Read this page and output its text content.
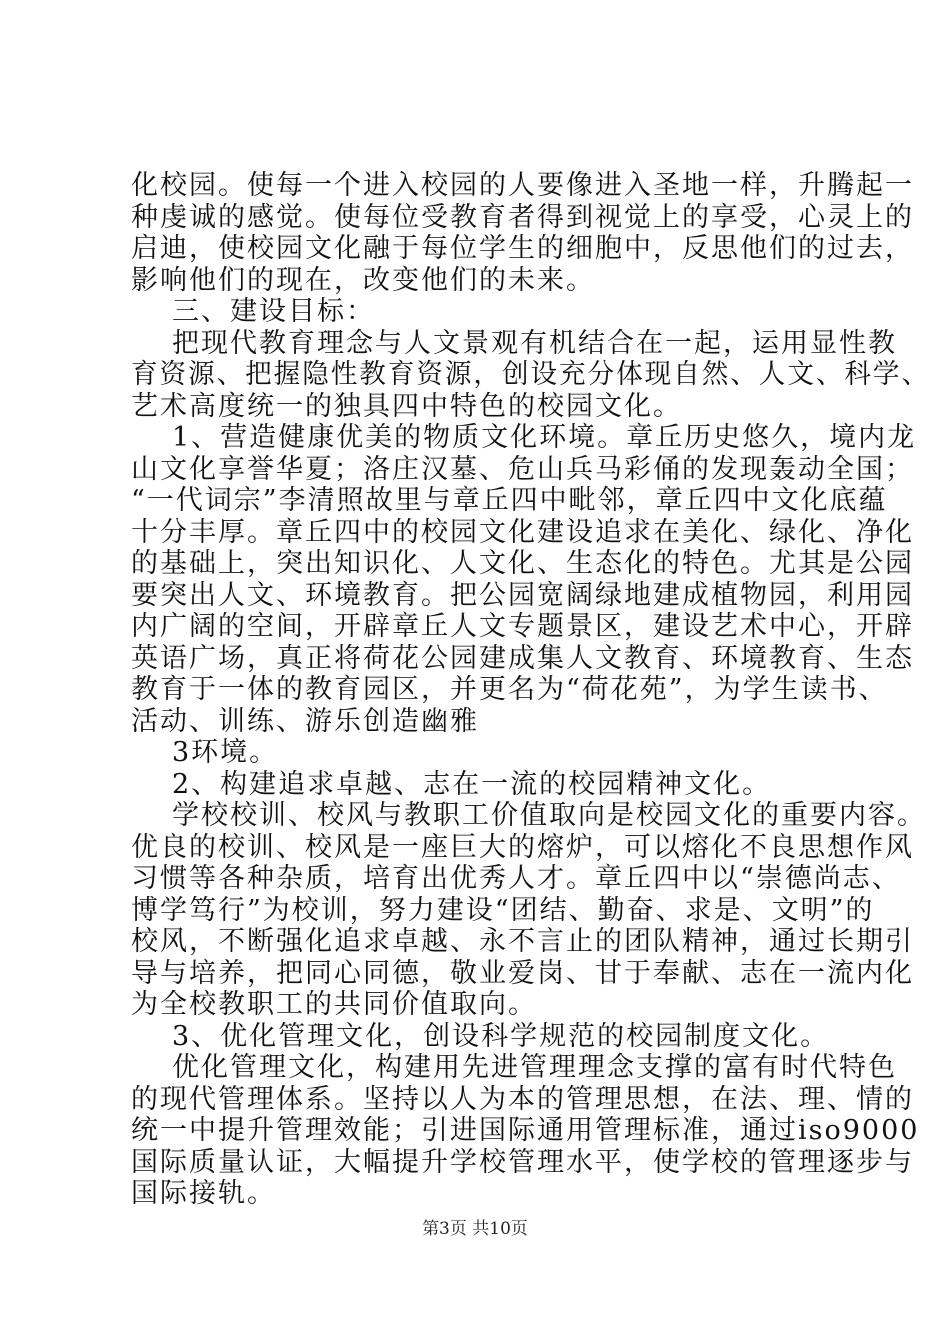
化校园。使每一个进入校园的人要像进入圣地一样，升腾起一
种虔诚的感觉。使每位受教育者得到视觉上的享受，心灵上的
启迪，使校园文化融于每位学生的细胞中，反思他们的过去，
影响他们的现在，改变他们的未来。
三、建设目标：
把现代教育理念与人文景观有机结合在一起，运用显性教
育资源、把握隐性教育资源，创设充分体现自然、人文、科学、
艺术高度统一的独具四中特色的校园文化。
1、营造健康优美的物质文化环境。章丘历史悠久，境内龙
山文化享誉华夏；洛庄汉墓、危山兵马彩俑的发现轰动全国；
“一代词宗”李清照故里与章丘四中毗邻，章丘四中文化底蕴
十分丰厚。章丘四中的校园文化建设追求在美化、绿化、净化
的基础上，突出知识化、人文化、生态化的特色。尤其是公园
要突出人文、环境教育。把公园宽阔绿地建成植物园，利用园
内广阔的空间，开辟章丘人文专题景区，建设艺术中心，开辟
英语广场，真正将荷花公园建成集人文教育、环境教育、生态
教育于一体的教育园区，并更名为“荷花苑”，为学生读书、
活动、训练、游乐创造幽雅
3环境。
2、构建追求卓越、志在一流的校园精神文化。
学校校训、校风与教职工价值取向是校园文化的重要内容。
优良的校训、校风是一座巨大的熔炉，可以熔化不良思想作风
习惯等各种杂质，培育出优秀人才。章丘四中以“崇德尚志、
博学笃行”为校训，努力建设“团结、勤奋、求是、文明”的
校风，不断强化追求卓越、永不言止的团队精神，通过长期引
导与培养，把同心同德，敬业爱岗、甘于奉献、志在一流内化
为全校教职工的共同价值取向。
3、优化管理文化，创设科学规范的校园制度文化。
优化管理文化，构建用先进管理理念支撑的富有时代特色
的现代管理体系。坚持以人为本的管理思想，在法、理、情的
统一中提升管理效能；引进国际通用管理标准，通过iso9000
国际质量认证，大幅提升学校管理水平，使学校的管理逐步与
国际接轨。
第3页 共10页
